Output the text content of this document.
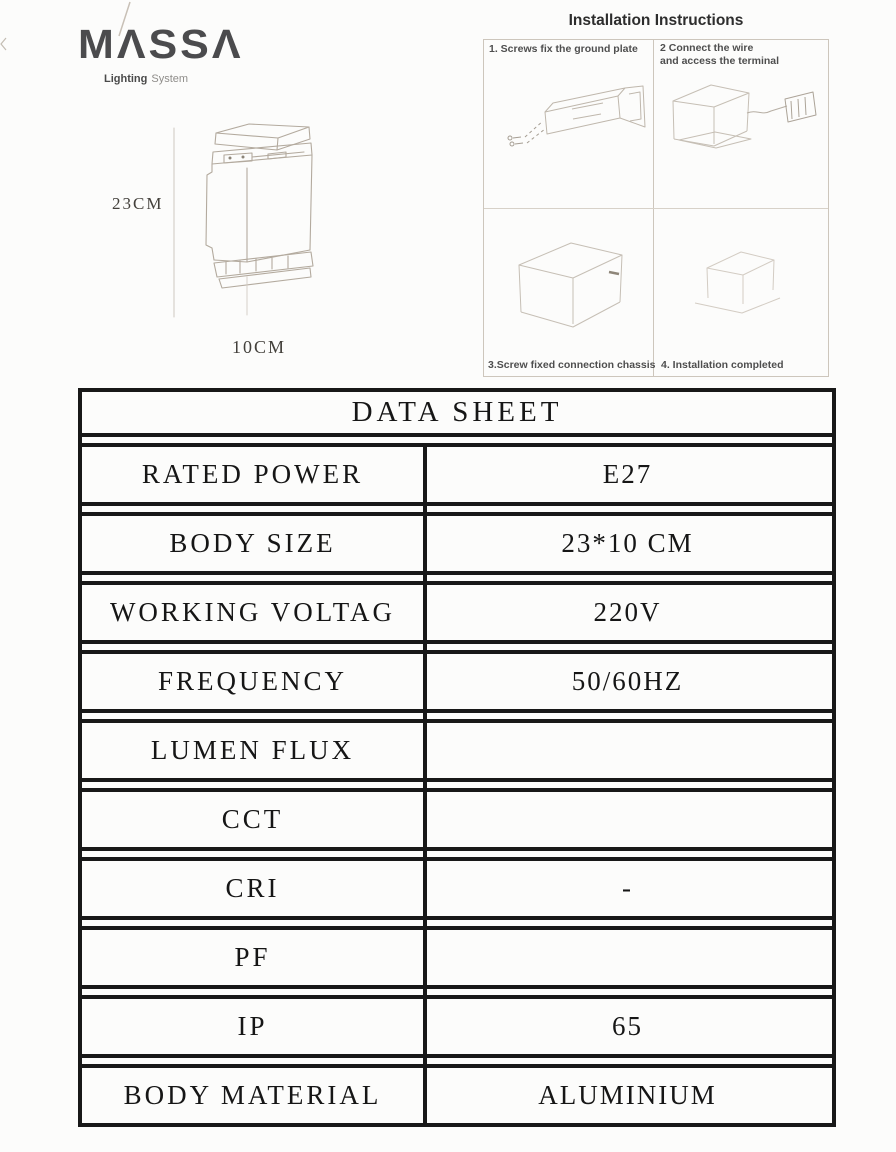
MΛSSΛ
Lighting System
23CM
10CM
Installation Instructions
1. Screws fix the ground plate 2 Connect the wire
and access the terminal
3.Screw fixed connection chassis 4. Installation completed
DATA SHEET
RATED POWER	E27
BODY SIZE	23*10 CM
WORKING VOLTAG	220V
FREQUENCY	50/60HZ
LUMEN FLUX
CCT
CRI	-
PF
IP	65
BODY MATERIAL	ALUMINIUM
